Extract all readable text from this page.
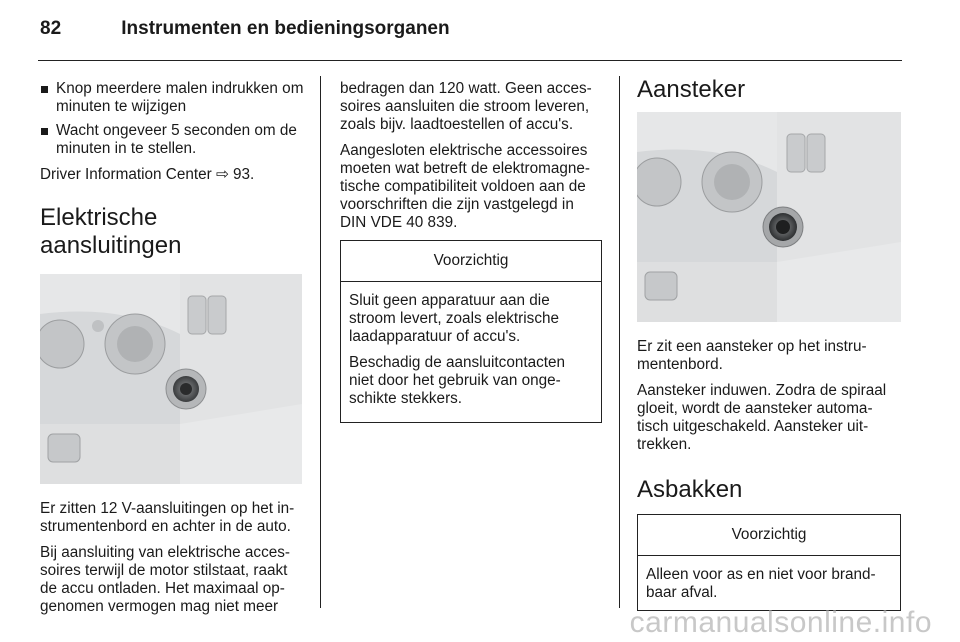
82	Instrumenten en bedieningsorganen
Knop meerdere malen indrukken om minuten te wijzigen
Wacht ongeveer 5 seconden om de minuten in te stellen.

Driver Information Center ⇨ 93.

Elektrische aansluitingen

Er zitten 12 V-aansluitingen op het in-strumentenbord en achter in de auto.

Bij aansluiting van elektrische acces-soires terwijl de motor stilstaat, raakt de accu ontladen. Het maximaal op-genomen vermogen mag niet meer

bedragen dan 120 watt. Geen acces-soires aansluiten die stroom leveren, zoals bijv. laadtoestellen of accu's.

Aangesloten elektrische accessoires moeten wat betreft de elektromagne-tische compatibiliteit voldoen aan de voorschriften die zijn vastgelegd in DIN VDE 40 839.

Voorzichtig

Sluit geen apparatuur aan die stroom levert, zoals elektrische laadapparatuur of accu's.

Beschadig de aansluitcontacten niet door het gebruik van onge-schikte stekkers.

Aansteker

Er zit een aansteker op het instru-mentenbord.

Aansteker induwen. Zodra de spiraal gloeit, wordt de aansteker automa-tisch uitgeschakeld. Aansteker uit-trekken.

Asbakken
Voorzichtig

Alleen voor as en niet voor brand-baar afval.

carmanualsonline.info
